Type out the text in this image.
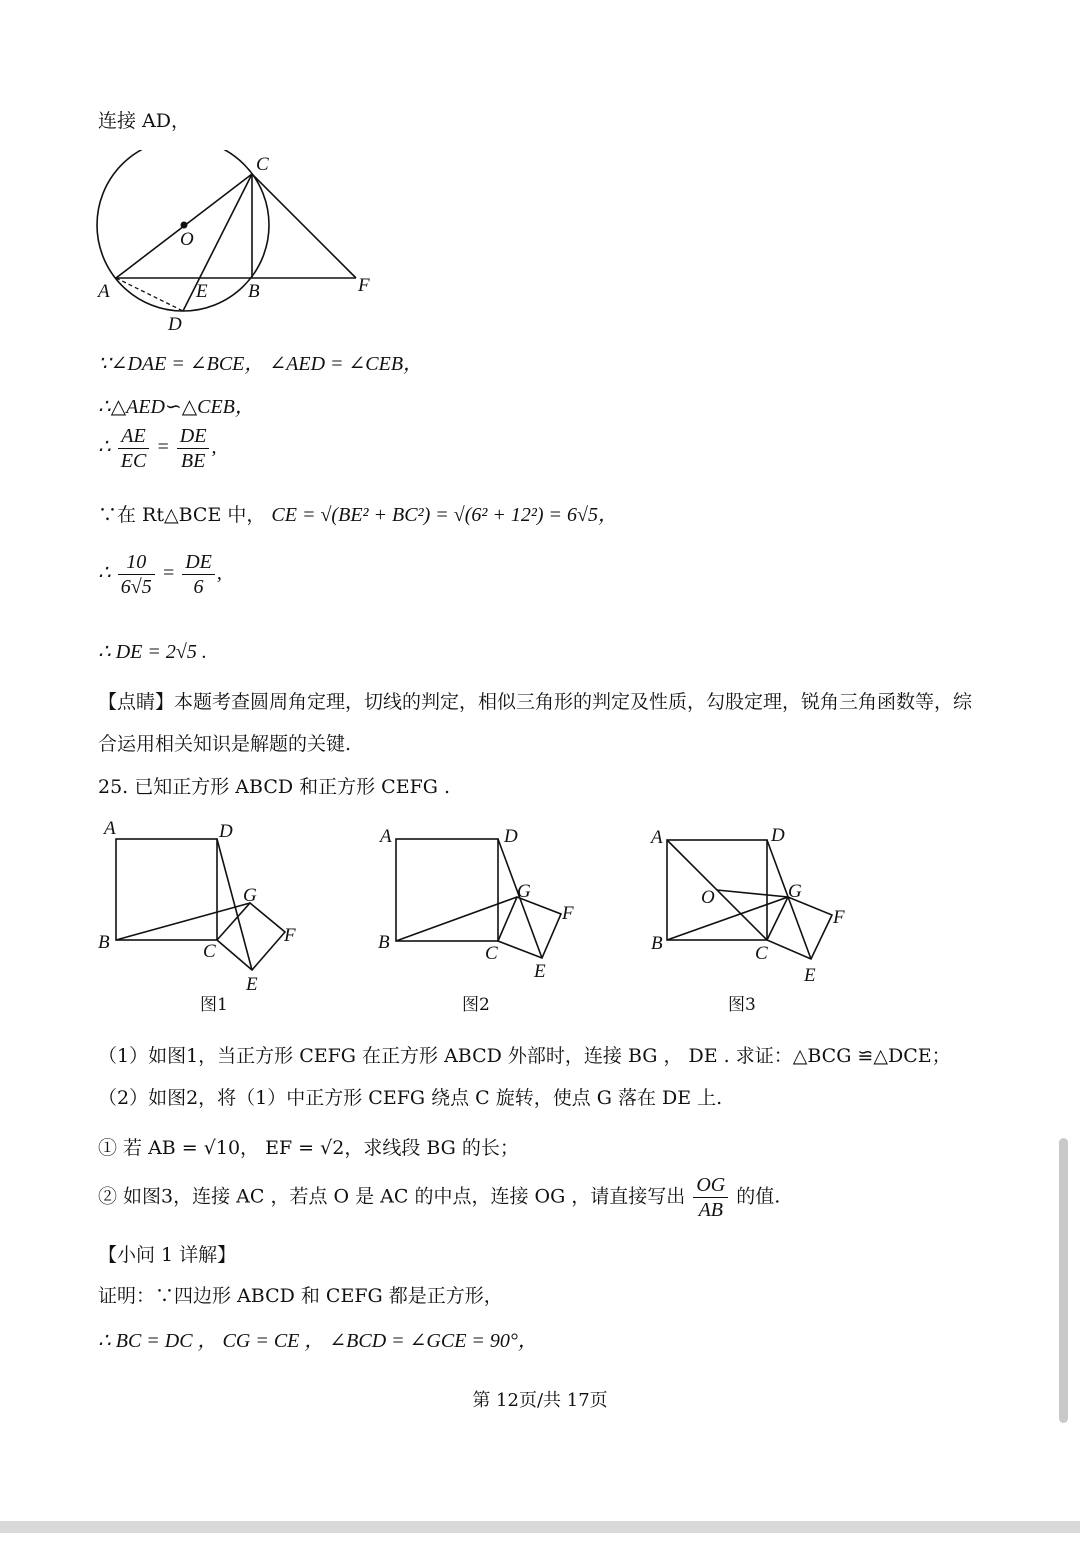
连接 AD，
C
O
A	E B	F
D
∵∠DAE = ∠BCE， ∠AED = ∠CEB，
∴△AED∽△CEB，
∴ $\frac{AE}{EC} = \frac{DE}{BE}$ ,
∵在 Rt△BCE 中， CE = √(BE² + BC²) = √(6² + 12²) = 6√5，
∴ $\frac{10}{6√5} = \frac{DE}{6}$ ,
∴ DE = 2√5 .
【点睛】本题考查圆周角定理，切线的判定，相似三角形的判定及性质，勾股定理，锐角三角函数等，综
合运用相关知识是解题的关键.
25. 已知正方形 ABCD 和正方形 CEFG .
A	D
G
F
B	C
E
图1
A	D
G
F
B
C
E
图2
A	D
O	G
F
B	C
E
图3
（1）如图1，当正方形 CEFG 在正方形 ABCD 外部时，连接 BG ， DE . 求证：△BCG ≌△DCE；
（2）如图2，将（1）中正方形 CEFG 绕点 C 旋转，使点 G 落在 DE 上.
① 若 AB = √10， EF = √2，求线段 BG 的长；
② 如图3，连接 AC ，若点 O 是 AC 的中点，连接 OG ，请直接写出 $\frac{OG}{AB}$ 的值.
【小问 1 详解】
证明：∵四边形 ABCD 和 CEFG 都是正方形，
∴ BC = DC ， CG = CE ， ∠BCD = ∠GCE = 90°，
第 12页/共 17页
